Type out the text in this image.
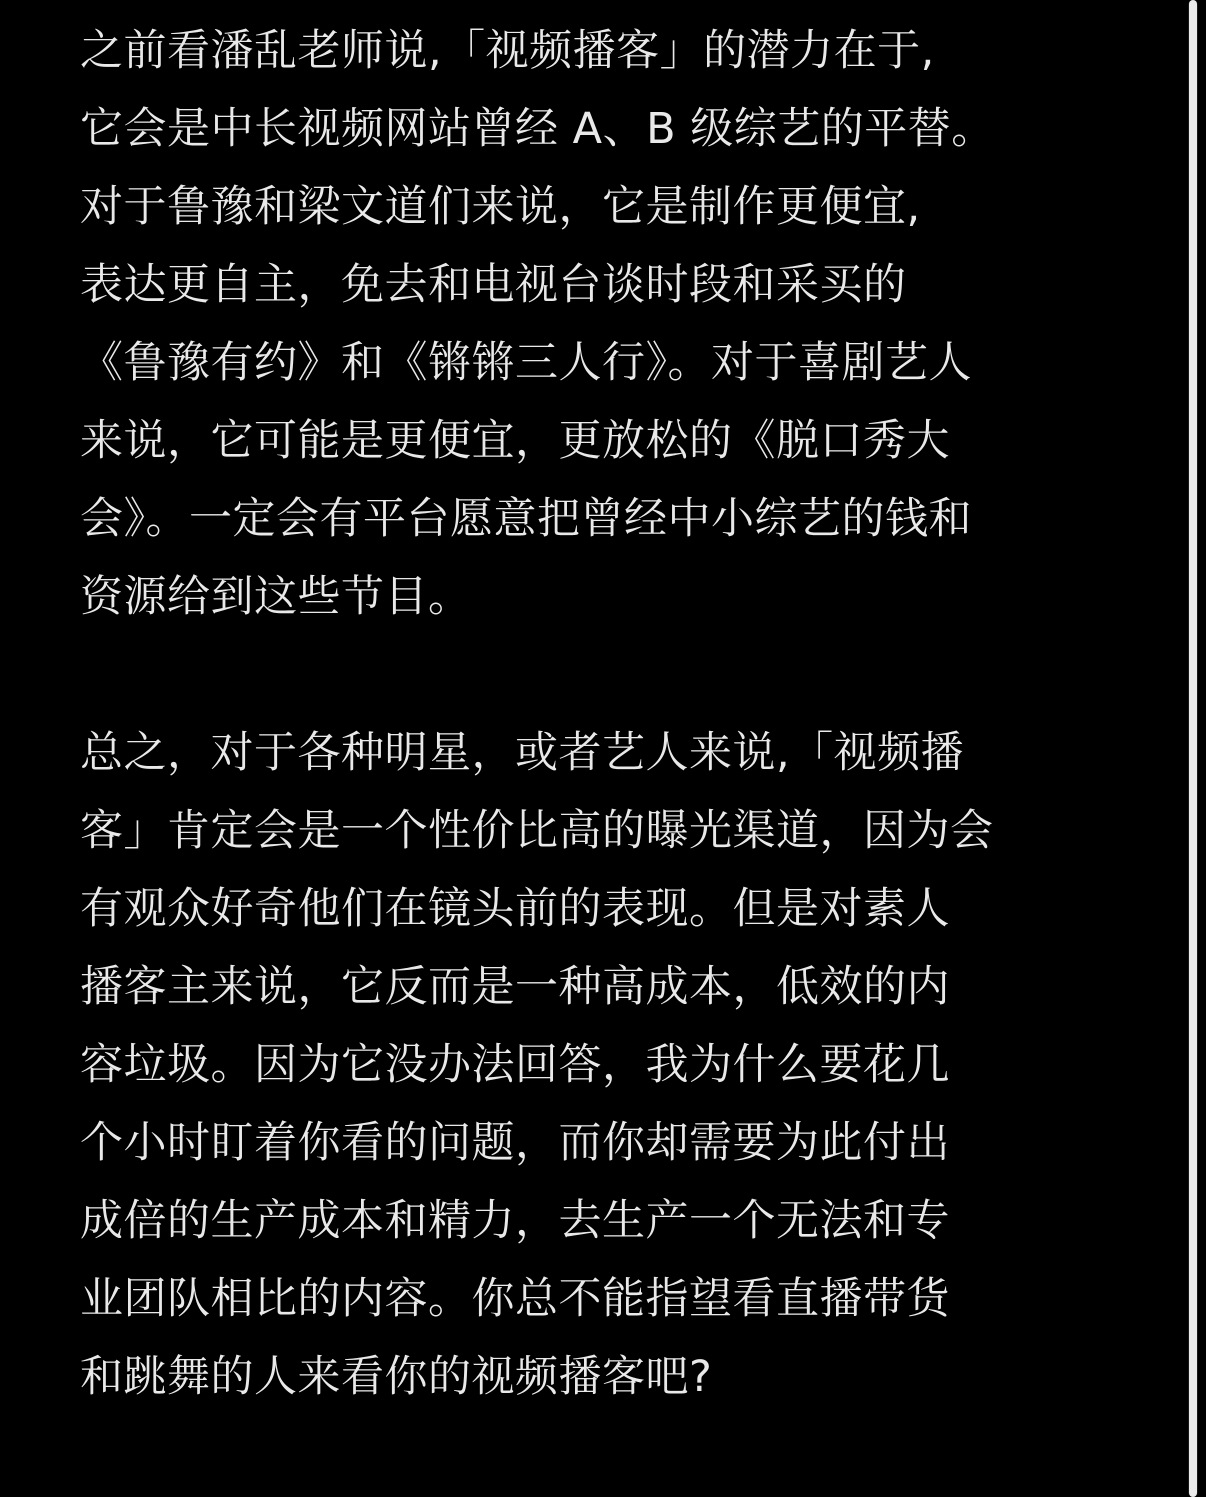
之前看潘乱老师说,「视频播客」的潜力在于,
它会是中长视频网站曾经 A、B 级综艺的平替。
对于鲁豫和梁文道们来说，它是制作更便宜,
表达更自主，免去和电视台谈时段和采买的
《鲁豫有约》和《锵锵三人行》。对于喜剧艺人
来说，它可能是更便宜，更放松的《脱口秀大
会》。一定会有平台愿意把曾经中小综艺的钱和
资源给到这些节目。
总之，对于各种明星，或者艺人来说,「视频播
客」肯定会是一个性价比高的曝光渠道，因为会
有观众好奇他们在镜头前的表现。但是对素人
播客主来说，它反而是一种高成本，低效的内
容垃圾。因为它没办法回答，我为什么要花几
个小时盯着你看的问题，而你却需要为此付出
成倍的生产成本和精力，去生产一个无法和专
业团队相比的内容。你总不能指望看直播带货
和跳舞的人来看你的视频播客吧?
